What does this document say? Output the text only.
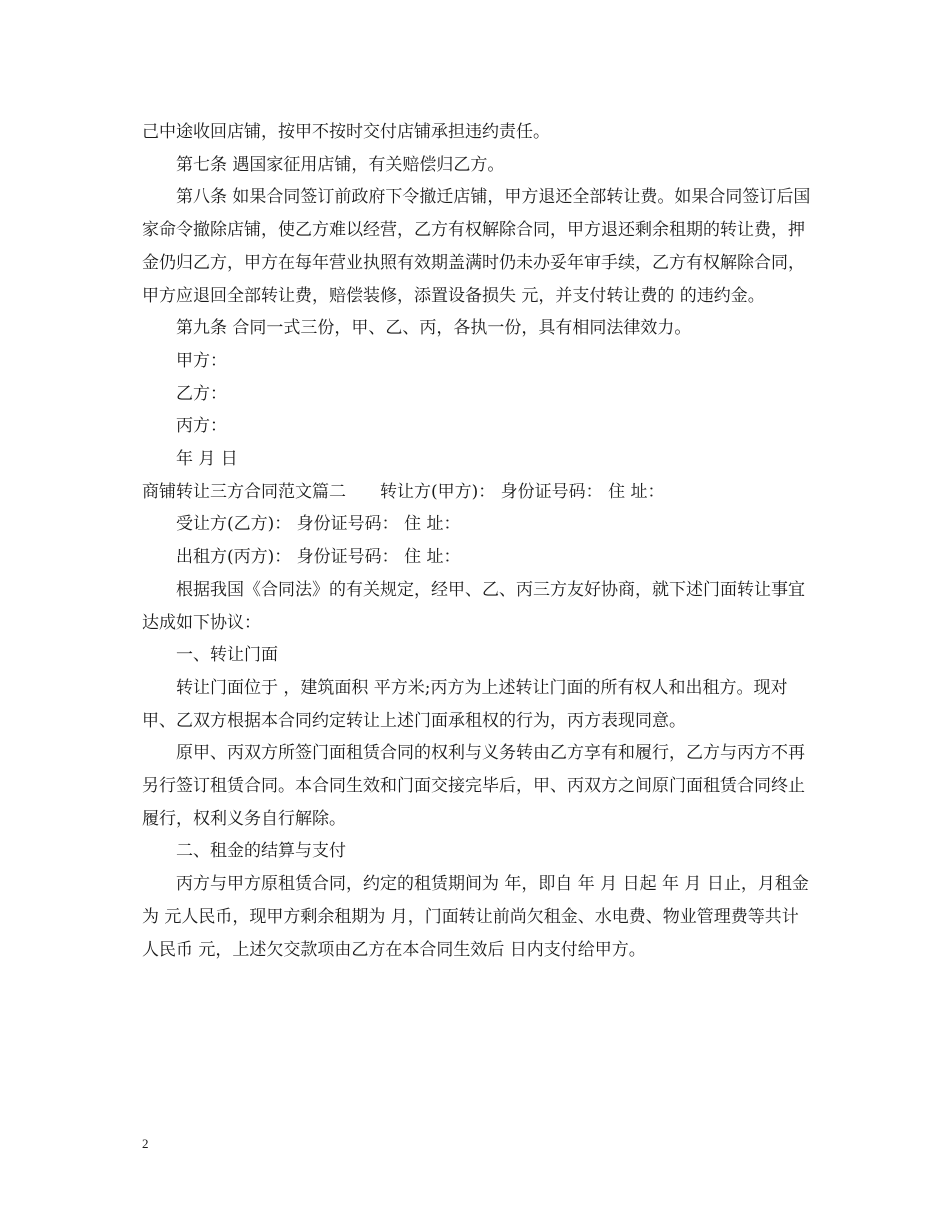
己中途收回店铺，按甲不按时交付店铺承担违约责任。

第七条 遇国家征用店铺，有关赔偿归乙方。

第八条 如果合同签订前政府下令撤迁店铺，甲方退还全部转让费。如果合同签订后国家命令撤除店铺，使乙方难以经营，乙方有权解除合同，甲方退还剩余租期的转让费，押金仍归乙方，甲方在每年营业执照有效期盖满时仍未办妥年审手续，乙方有权解除合同，甲方应退回全部转让费，赔偿装修，添置设备损失 元，并支付转让费的 的违约金。

第九条 合同一式三份，甲、乙、丙，各执一份，具有相同法律效力。

甲方：

乙方：

丙方：

年 月 日

商铺转让三方合同范文篇二　　转让方(甲方)： 身份证号码： 住 址：

受让方(乙方)： 身份证号码： 住 址：

出租方(丙方)： 身份证号码： 住 址：

根据我国《合同法》的有关规定，经甲、乙、丙三方友好协商，就下述门面转让事宜达成如下协议：

一、转让门面

转让门面位于 ，建筑面积 平方米;丙方为上述转让门面的所有权人和出租方。现对甲、乙双方根据本合同约定转让上述门面承租权的行为，丙方表现同意。

原甲、丙双方所签门面租赁合同的权利与义务转由乙方享有和履行，乙方与丙方不再另行签订租赁合同。本合同生效和门面交接完毕后，甲、丙双方之间原门面租赁合同终止履行，权利义务自行解除。

二、租金的结算与支付

丙方与甲方原租赁合同，约定的租赁期间为 年，即自 年 月 日起 年 月 日止，月租金为 元人民币，现甲方剩余租期为 月，门面转让前尚欠租金、水电费、物业管理费等共计人民币 元，上述欠交款项由乙方在本合同生效后 日内支付给甲方。

2
